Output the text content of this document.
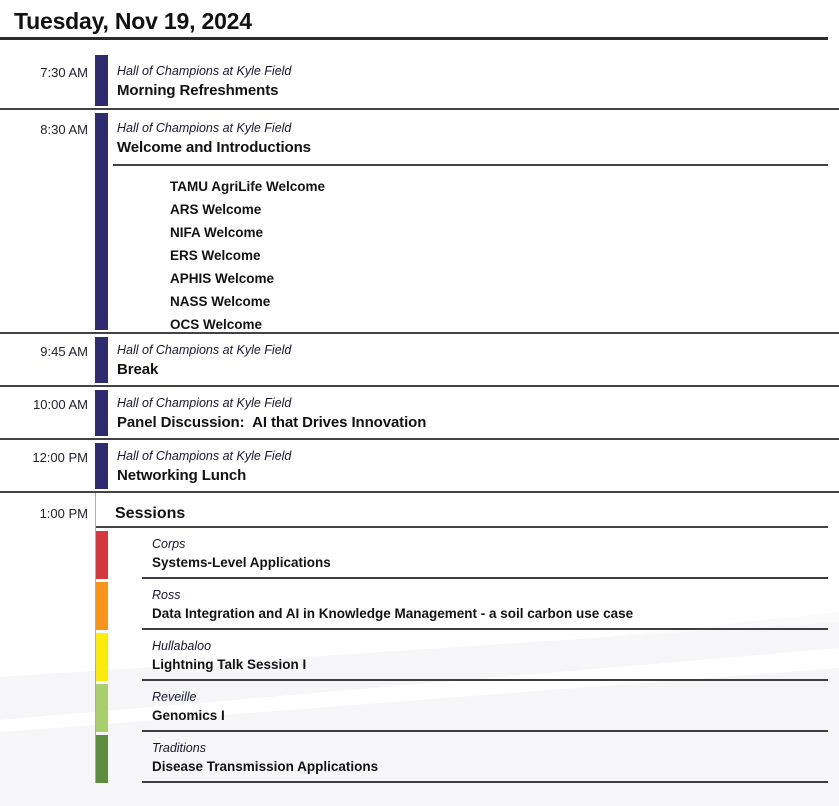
Tuesday, Nov 19, 2024
7:30 AM Hall of Champions at Kyle Field
Morning Refreshments
8:30 AM Hall of Champions at Kyle Field
Welcome and Introductions
TAMU AgriLife Welcome
ARS Welcome
NIFA Welcome
ERS Welcome
APHIS Welcome
NASS Welcome
OCS Welcome
9:45 AM Hall of Champions at Kyle Field
Break
10:00 AM Hall of Champions at Kyle Field
Panel Discussion:  AI that Drives Innovation
12:00 PM Hall of Champions at Kyle Field
Networking Lunch
1:00 PM	Sessions
Corps
Systems-Level Applications
Ross
Data Integration and AI in Knowledge Management - a soil carbon use case
Hullabaloo
Lightning Talk Session I
Reveille
Genomics I
Traditions
Disease Transmission Applications
